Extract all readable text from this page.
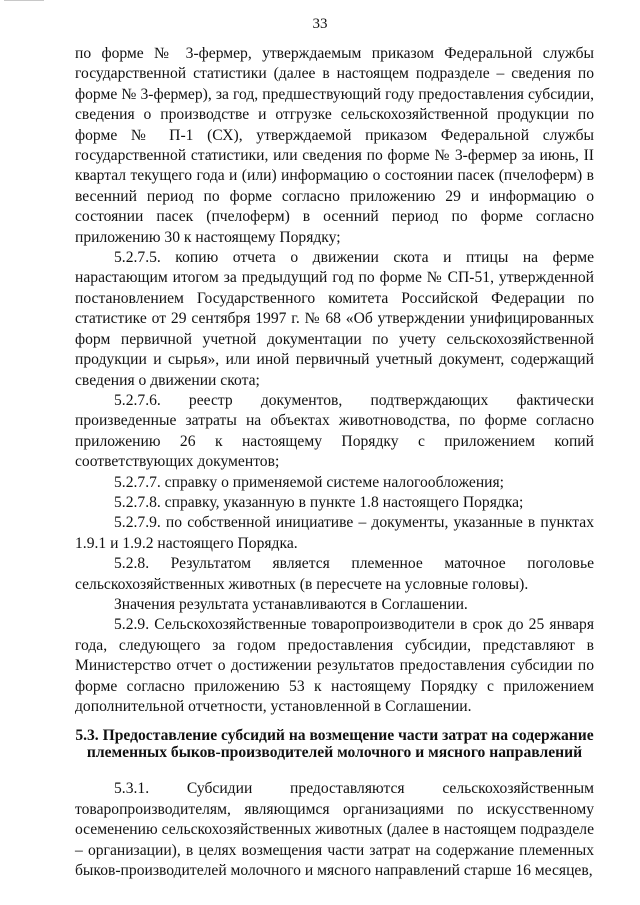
33

по форме № 3-фермер, утверждаемым приказом Федеральной службы государственной статистики (далее в настоящем подразделе – сведения по форме № 3-фермер), за год, предшествующий году предоставления субсидии, сведения о производстве и отгрузке сельскохозяйственной продукции по форме № П-1 (СХ), утверждаемой приказом Федеральной службы государственной статистики, или сведения по форме № 3-фермер за июнь, II квартал текущего года и (или) информацию о состоянии пасек (пчелоферм) в весенний период по форме согласно приложению 29 и информацию о состоянии пасек (пчелоферм) в осенний период по форме согласно приложению 30 к настоящему Порядку;

5.2.7.5. копию отчета о движении скота и птицы на ферме нарастающим итогом за предыдущий год по форме № СП-51, утвержденной постановлением Государственного комитета Российской Федерации по статистике от 29 сентября 1997 г. № 68 «Об утверждении унифицированных форм первичной учетной документации по учету сельскохозяйственной продукции и сырья», или иной первичный учетный документ, содержащий сведения о движении скота;

5.2.7.6. реестр документов, подтверждающих фактически произведенные затраты на объектах животноводства, по форме согласно приложению 26 к настоящему Порядку с приложением копий соответствующих документов;

5.2.7.7. справку о применяемой системе налогообложения;

5.2.7.8. справку, указанную в пункте 1.8 настоящего Порядка;

5.2.7.9. по собственной инициативе – документы, указанные в пунктах 1.9.1 и 1.9.2 настоящего Порядка.

5.2.8. Результатом является племенное маточное поголовье сельскохозяйственных животных (в пересчете на условные головы).

Значения результата устанавливаются в Соглашении.

5.2.9. Сельскохозяйственные товаропроизводители в срок до 25 января года, следующего за годом предоставления субсидии, представляют в Министерство отчет о достижении результатов предоставления субсидии по форме согласно приложению 53 к настоящему Порядку с приложением дополнительной отчетности, установленной в Соглашении.

5.3. Предоставление субсидий на возмещение части затрат на содержание племенных быков-производителей молочного и мясного направлений

5.3.1. Субсидии предоставляются сельскохозяйственным товаропроизводителям, являющимся организациями по искусственному осеменению сельскохозяйственных животных (далее в настоящем подразделе – организации), в целях возмещения части затрат на содержание племенных быков-производителей молочного и мясного направлений старше 16 месяцев,
